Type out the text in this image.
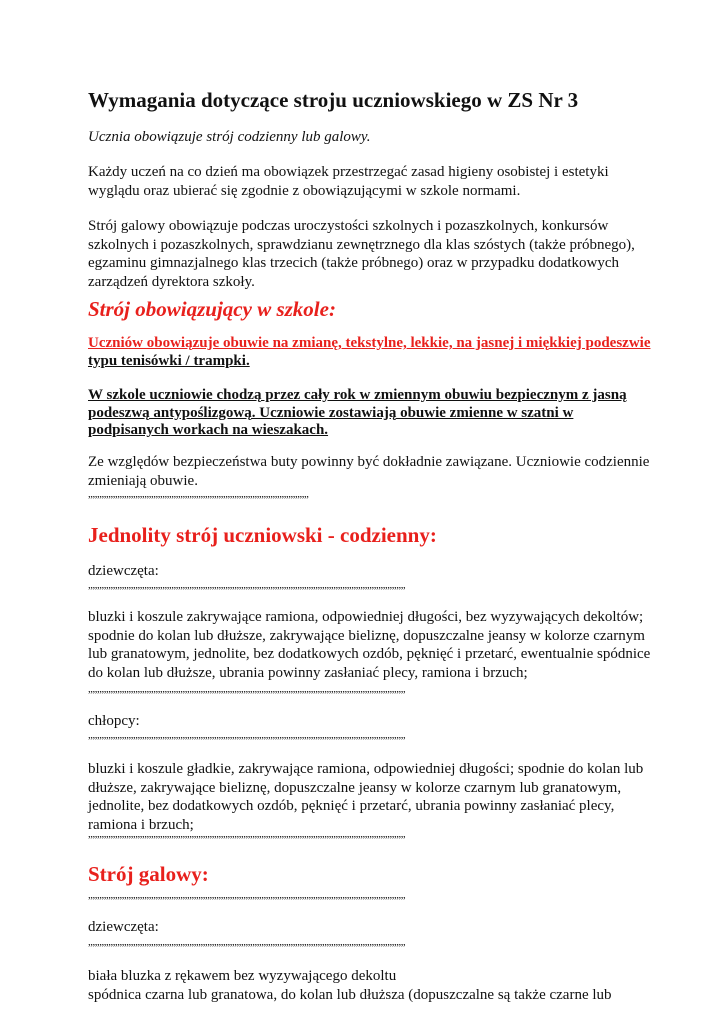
Wymagania dotyczące stroju uczniowskiego w ZS Nr 3

Ucznia obowiązuje strój codzienny lub galowy.

Każdy uczeń na co dzień ma obowiązek przestrzegać zasad higieny osobistej i estetyki
wyglądu oraz ubierać się zgodnie z obowiązującymi w szkole normami.

Strój galowy obowiązuje podczas uroczystości szkolnych i pozaszkolnych, konkursów
szkolnych i pozaszkolnych, sprawdzianu zewnętrznego dla klas szóstych (także próbnego),
egzaminu gimnazjalnego klas trzecich (także próbnego) oraz w przypadku dodatkowych
zarządzeń dyrektora szkoły.

Strój obowiązujący w szkole:

Uczniów obowiązuje obuwie na zmianę, tekstylne, lekkie, na jasnej i miękkiej podeszwie
typu tenisówki / trampki.

W szkole uczniowie chodzą przez cały rok w zmiennym obuwiu bezpiecznym z jasną
podeszwą antypoślizgową. Uczniowie zostawiają obuwie zmienne w szatni w
podpisanych workach na wieszakach.

Ze względów bezpieczeństwa buty powinny być dokładnie zawiązane. Uczniowie codziennie
zmieniają obuwie.

,,,,,,,,,,,,,,,,,,,,,,,,,,,,,,,,,,,,,,,,,,,,,,,,,,,,,,,,,,,,,,,,,,,,,,,,,,,,,,,,,,,,,,,,,,,,,,,,,,
Jednolity strój uczniowski - codzienny:

dziewczęta:

,,,,,,,,,,,,,,,,,,,,,,,,,,,,,,,,,,,,,,,,,,,,,,,,,,,,,,,,,,,,,,,,,,,,,,,,,,,,,,,,,,,,,,,,,,,,,,,,,,,,,,,,,,,,,,,,,,,,,,,,,,,,,,,,,,,,,,,,,,,,,

bluzki i koszule zakrywające ramiona, odpowiedniej długości, bez wyzywających dekoltów;
spodnie do kolan lub dłuższe, zakrywające bieliznę, dopuszczalne jeansy w kolorze czarnym
lub granatowym, jednolite, bez dodatkowych ozdób, pęknięć i przetarć, ewentualnie spódnice
do kolan lub dłuższe, ubrania powinny zasłaniać plecy, ramiona i brzuch;

,,,,,,,,,,,,,,,,,,,,,,,,,,,,,,,,,,,,,,,,,,,,,,,,,,,,,,,,,,,,,,,,,,,,,,,,,,,,,,,,,,,,,,,,,,,,,,,,,,,,,,,,,,,,,,,,,,,,,,,,,,,,,,,,,,,,,,,,,,,,,

chłopcy:

,,,,,,,,,,,,,,,,,,,,,,,,,,,,,,,,,,,,,,,,,,,,,,,,,,,,,,,,,,,,,,,,,,,,,,,,,,,,,,,,,,,,,,,,,,,,,,,,,,,,,,,,,,,,,,,,,,,,,,,,,,,,,,,,,,,,,,,,,,,,,

bluzki i koszule gładkie, zakrywające ramiona, odpowiedniej długości; spodnie do kolan lub
dłuższe, zakrywające bieliznę, dopuszczalne jeansy w kolorze czarnym lub granatowym,
jednolite, bez dodatkowych ozdób, pęknięć i przetarć, ubrania powinny zasłaniać plecy,
ramiona i brzuch;

,,,,,,,,,,,,,,,,,,,,,,,,,,,,,,,,,,,,,,,,,,,,,,,,,,,,,,,,,,,,,,,,,,,,,,,,,,,,,,,,,,,,,,,,,,,,,,,,,,,,,,,,,,,,,,,,,,,,,,,,,,,,,,,,,,,,,,,,,,,,,
Strój galowy:
,,,,,,,,,,,,,,,,,,,,,,,,,,,,,,,,,,,,,,,,,,,,,,,,,,,,,,,,,,,,,,,,,,,,,,,,,,,,,,,,,,,,,,,,,,,,,,,,,,,,,,,,,,,,,,,,,,,,,,,,,,,,,,,,,,,,,,,,,,,,,

dziewczęta:

,,,,,,,,,,,,,,,,,,,,,,,,,,,,,,,,,,,,,,,,,,,,,,,,,,,,,,,,,,,,,,,,,,,,,,,,,,,,,,,,,,,,,,,,,,,,,,,,,,,,,,,,,,,,,,,,,,,,,,,,,,,,,,,,,,,,,,,,,,,,,

biała bluzka z rękawem bez wyzywającego dekoltu
spódnica czarna lub granatowa, do kolan lub dłuższa (dopuszczalne są także czarne lub
